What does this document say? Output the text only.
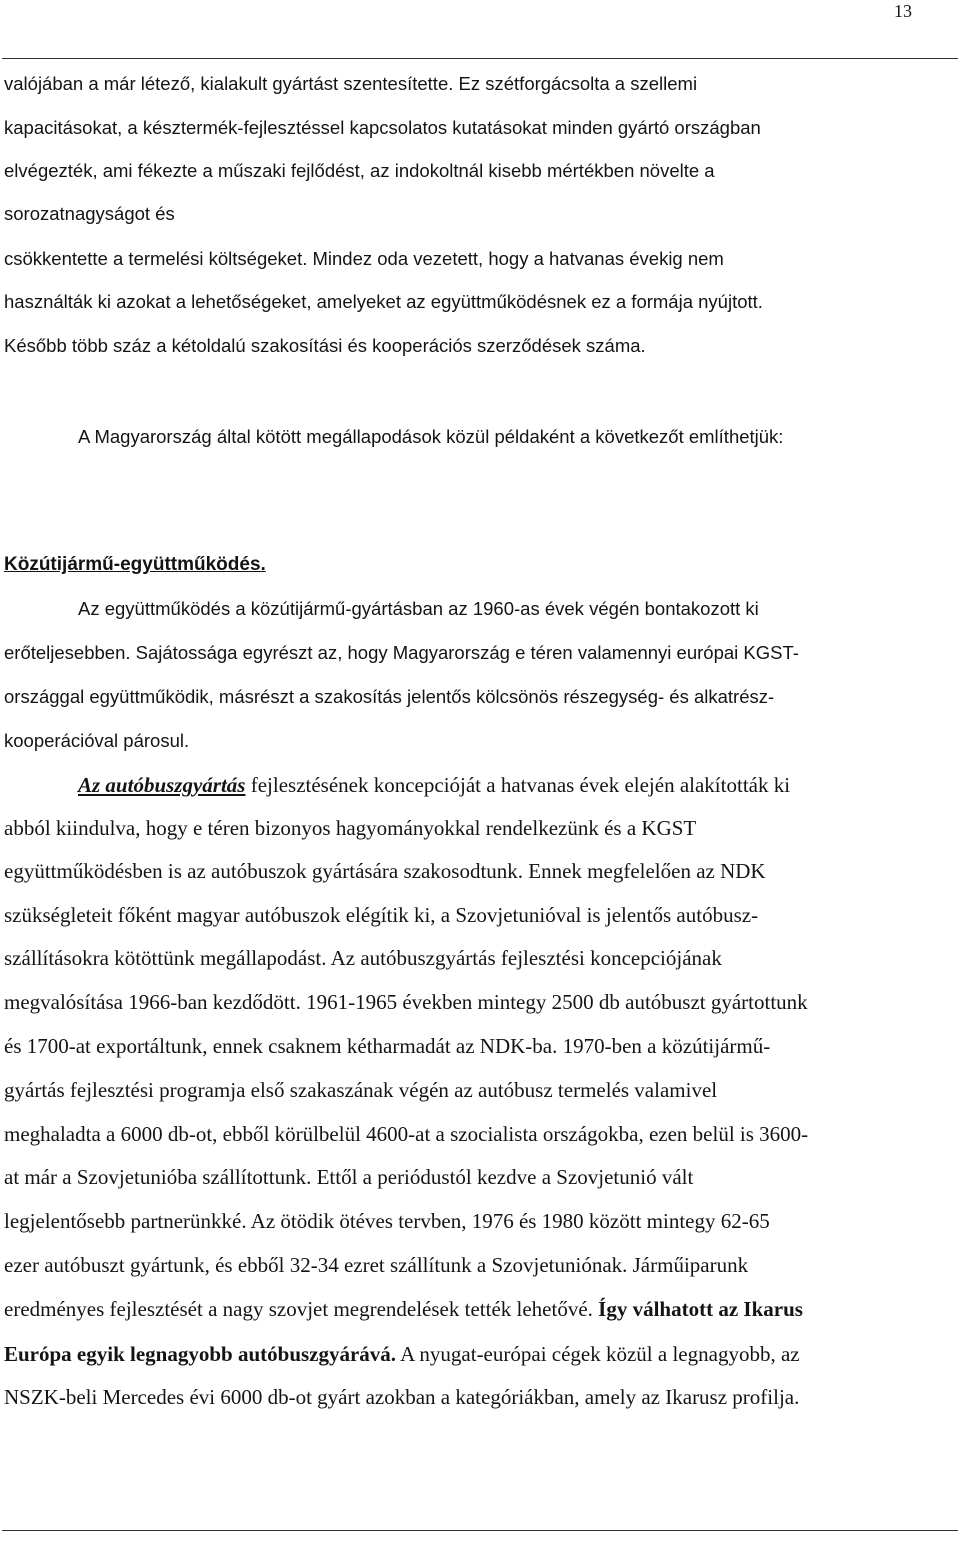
13
valójában a már létező, kialakult gyártást szentesítette. Ez szétforgácsolta a szellemi
kapacitásokat, a késztermék-fejlesztéssel kapcsolatos kutatásokat minden gyártó országban
elvégezték, ami fékezte a műszaki fejlődést, az indokoltnál kisebb mértékben növelte a
sorozatnagyságot és
csökkentette a termelési költségeket. Mindez oda vezetett, hogy a hatvanas évekig nem
használták ki azokat a lehetőségeket, amelyeket az együttműködésnek ez a formája nyújtott.
Később több száz a kétoldalú szakosítási és kooperációs szerződések száma.
A Magyarország által kötött megállapodások közül példaként a következőt említhetjük:
Közútijármű-együttműködés.
Az együttműködés a közútijármű-gyártásban az 1960-as évek végén bontakozott ki
erőteljesebben. Sajátossága egyrészt az, hogy Magyarország e téren valamennyi európai KGST-
országgal együttműködik, másrészt a szakosítás jelentős kölcsönös részegység- és alkatrész-
kooperációval párosul.
Az autóbuszgyártás fejlesztésének koncepcióját a hatvanas évek elején alakították ki
abból kiindulva, hogy e téren bizonyos hagyományokkal rendelkezünk és a KGST
együttműködésben is az autóbuszok gyártására szakosodtunk. Ennek megfelelően az NDK
szükségleteit főként magyar autóbuszok elégítik ki, a Szovjetunióval is jelentős autóbusz-
szállításokra kötöttünk megállapodást. Az autóbuszgyártás fejlesztési koncepciójának
megvalósítása 1966-ban kezdődött. 1961-1965 években mintegy 2500 db autóbuszt gyártottunk
és 1700-at exportáltunk, ennek csaknem kétharmadát az NDK-ba. 1970-ben a közútijármű-
gyártás fejlesztési programja első szakaszának végén az autóbusz termelés valamivel
meghaladta a 6000 db-ot, ebből körülbelül 4600-at a szocialista országokba, ezen belül is 3600-
at már a Szovjetunióba szállítottunk. Ettől a periódustól kezdve a Szovjetunió vált
legjelentősebb partnerünkké. Az ötödik ötéves tervben, 1976 és 1980 között mintegy 62-65
ezer autóbuszt gyártunk, és ebből 32-34 ezret szállítunk a Szovjetuniónak. Járműiparunk
eredményes fejlesztését a nagy szovjet megrendelések tették lehetővé. Így válhatott az Ikarus
Európa egyik legnagyobb autóbuszgyárává. A nyugat-európai cégek közül a legnagyobb, az
NSZK-beli Mercedes évi 6000 db-ot gyárt azokban a kategóriákban, amely az Ikarusz profilja.
